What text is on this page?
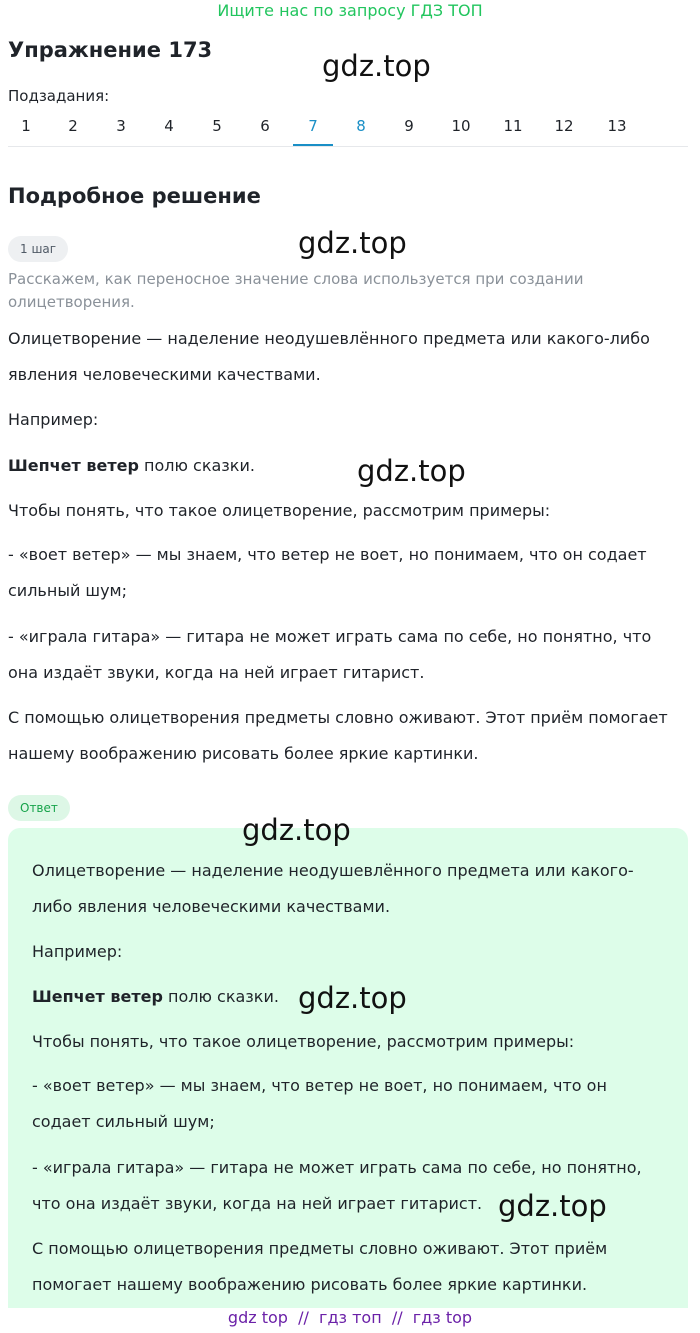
Ищите нас по запросу ГДЗ ТОП
Упражнение 173	gdz.top
Подзадания:
1	2	3	4	5	6	7	8	9	10	11	12	13
Подробное решение
1 шаг	gdz.top
Расскажем, как переносное значение слова используется при создании олицетворения.
Олицетворение — наделение неодушевлённого предмета или какого-либо явления человеческими качествами.
Например:
Шепчет ветер полю сказки.	gdz.top
Чтобы понять, что такое олицетворение, рассмотрим примеры:
- «воет ветер» — мы знаем, что ветер не воет, но понимаем, что он содает сильный шум;
- «играла гитара» — гитара не может играть сама по себе, но понятно, что она издаёт звуки, когда на ней играет гитарист.
С помощью олицетворения предметы словно оживают. Этот приём помогает нашему воображению рисовать более яркие картинки.
Ответ
gdz.top
Олицетворение — наделение неодушевлённого предмета или какого-либо явления человеческими качествами.
Например:
Шепчет ветер полю сказки. gdz.top
Чтобы понять, что такое олицетворение, рассмотрим примеры:
- «воет ветер» — мы знаем, что ветер не воет, но понимаем, что он содает сильный шум;
- «играла гитара» — гитара не может играть сама по себе, но понятно, что она издаёт звуки, когда на ней играет гитарист. gdz.top
С помощью олицетворения предметы словно оживают. Этот приём помогает нашему воображению рисовать более яркие картинки.
gdz top  //  гдз топ  //  гдз top
